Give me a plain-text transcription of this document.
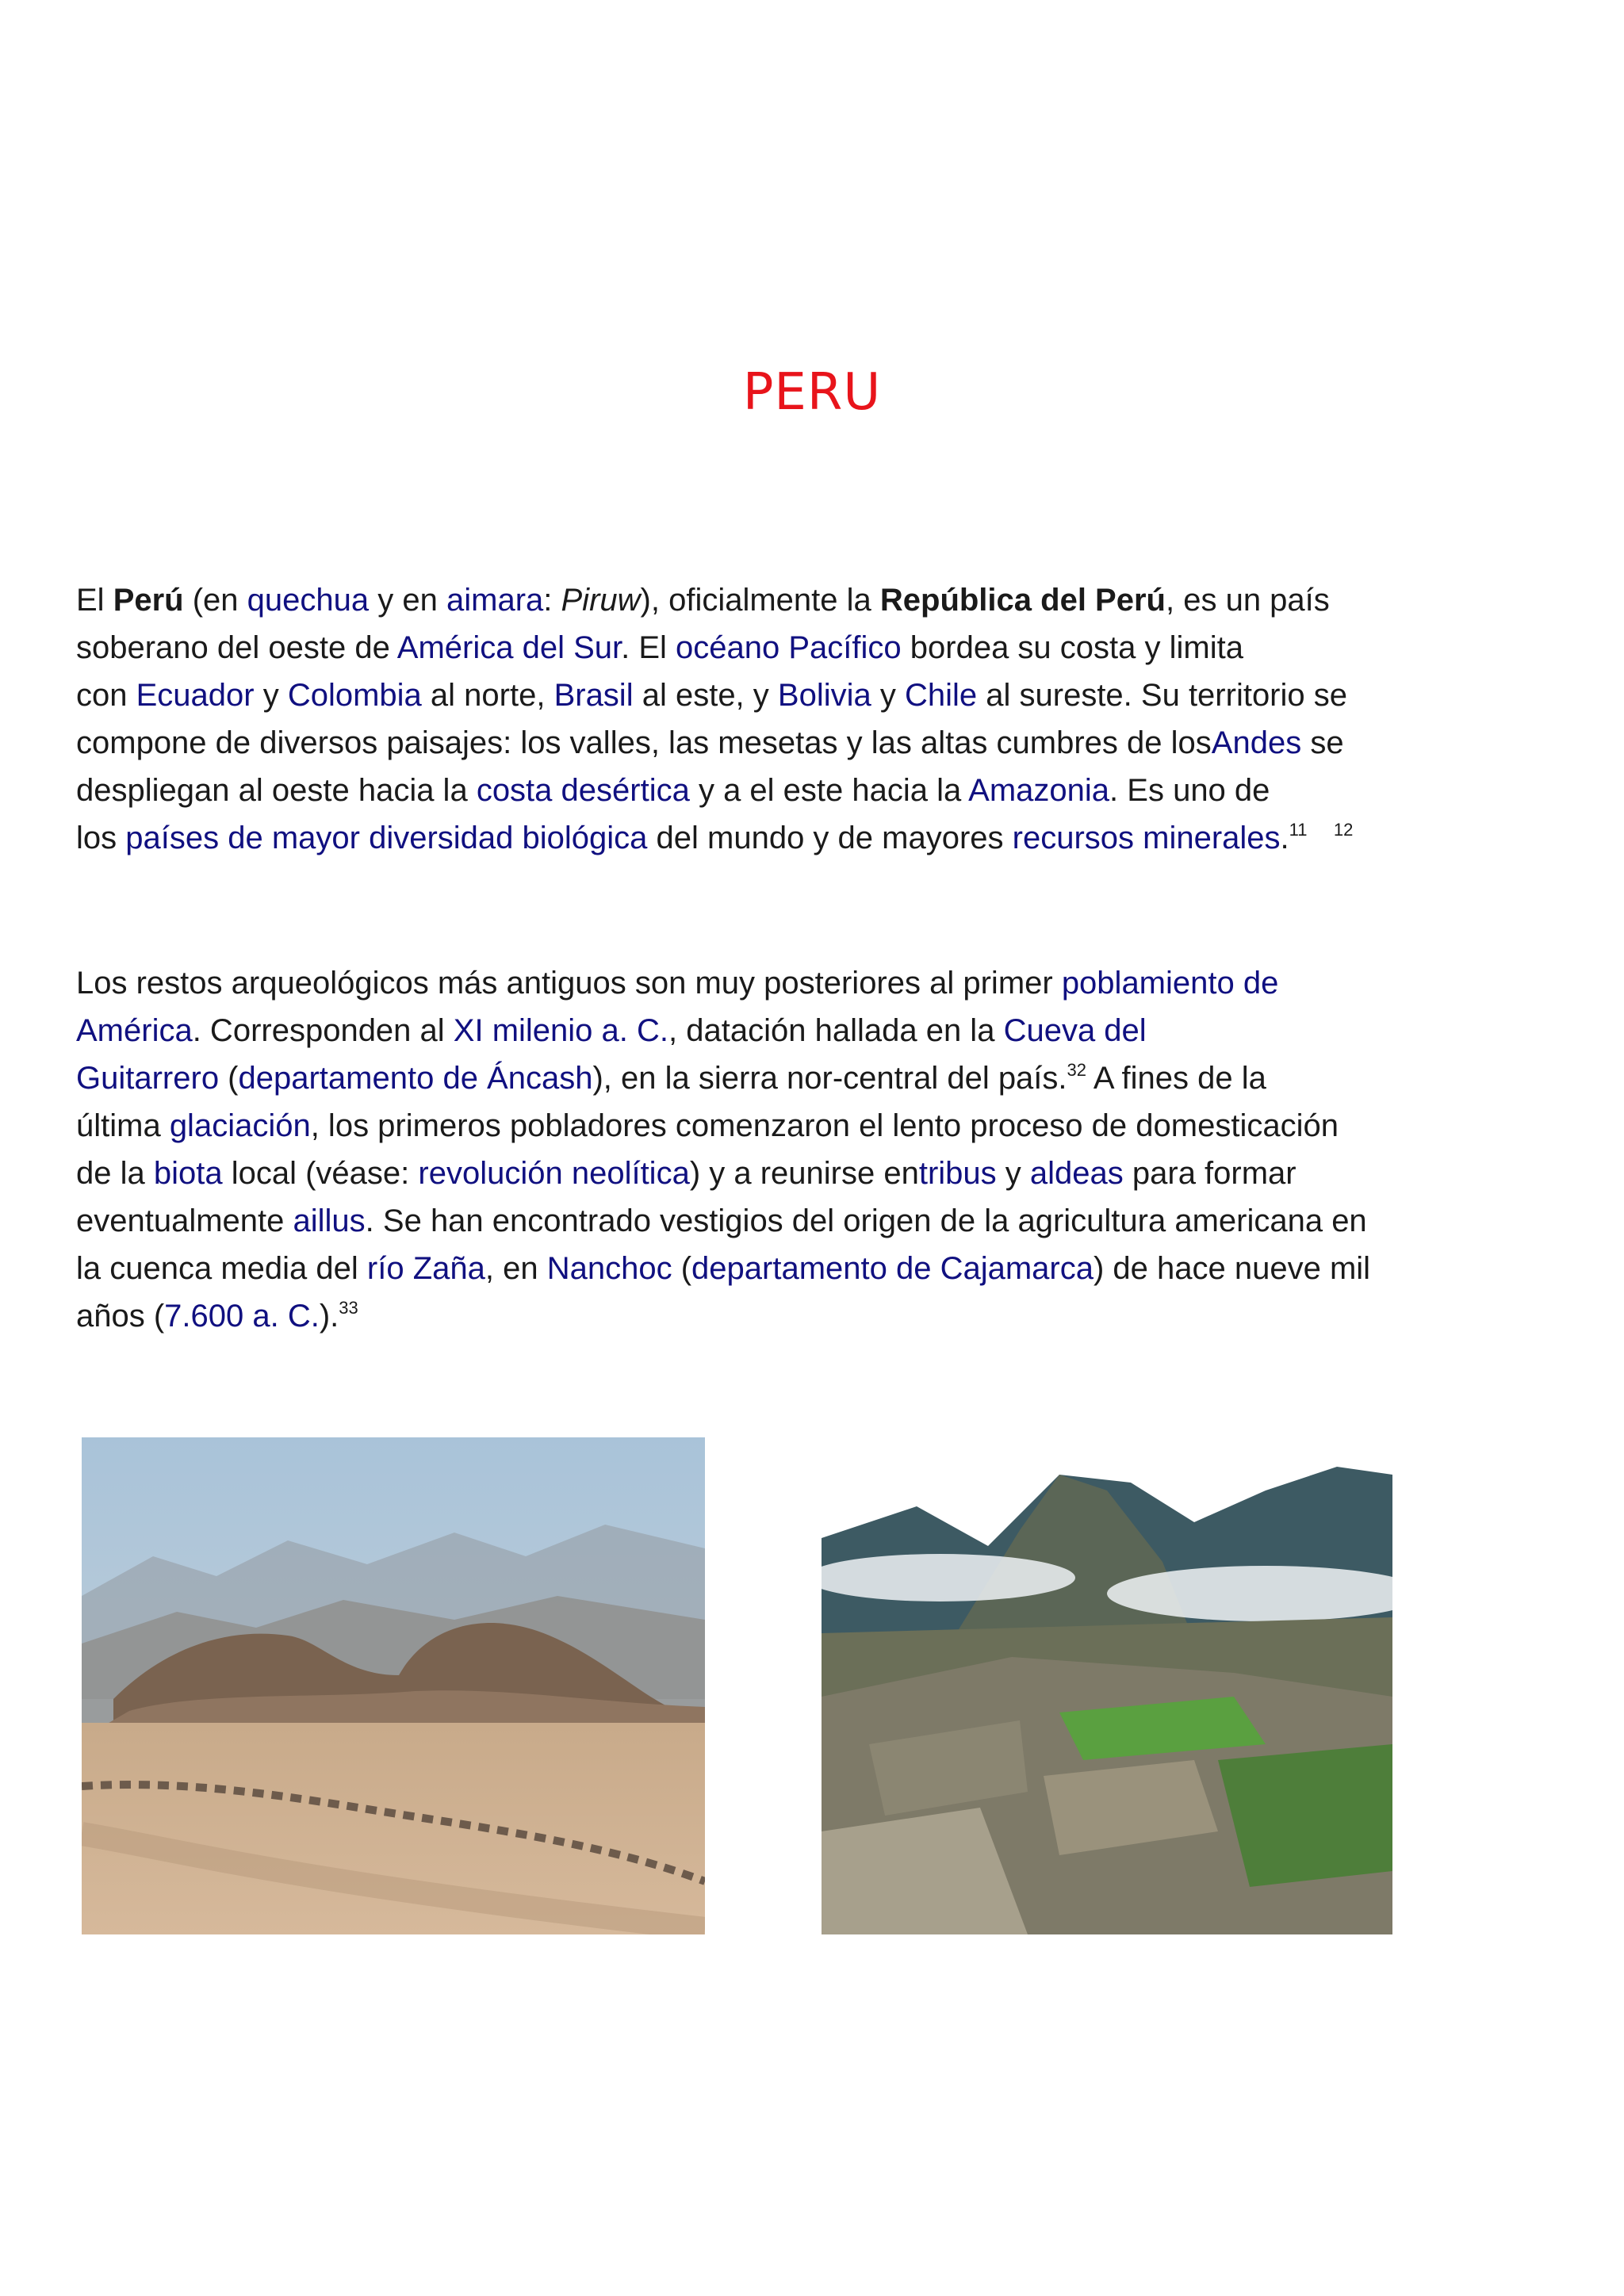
PERU
El Perú (en quechua y en aimara: Piruw), oficialmente la República del Perú, es un país
soberano del oeste de América del Sur. El océano Pacífico bordea su costa y limita
con Ecuador y Colombia al norte, Brasil al este, y Bolivia y Chile al sureste. Su territorio se
compone de diversos paisajes: los valles, las mesetas y las altas cumbres de losAndes se
despliegan al oeste hacia la costa desértica y a el este hacia la Amazonia. Es uno de
los países de mayor diversidad biológica del mundo y de mayores recursos minerales.$^{11}$ $^{12}$
Los restos arqueológicos más antiguos son muy posteriores al primer poblamiento de
América. Corresponden al XI milenio a. C., datación hallada en la Cueva del
Guitarrero (departamento de Áncash), en la sierra nor-central del país.$^{32}$ A fines de la
última glaciación, los primeros pobladores comenzaron el lento proceso de domesticación
de la biota local (véase: revolución neolítica) y a reunirse entribus y aldeas para formar
eventualmente aillus. Se han encontrado vestigios del origen de la agricultura americana en
la cuenca media del río Zaña, en Nanchoc (departamento de Cajamarca) de hace nueve mil
años (7.600 a. C.).$^{33}$
